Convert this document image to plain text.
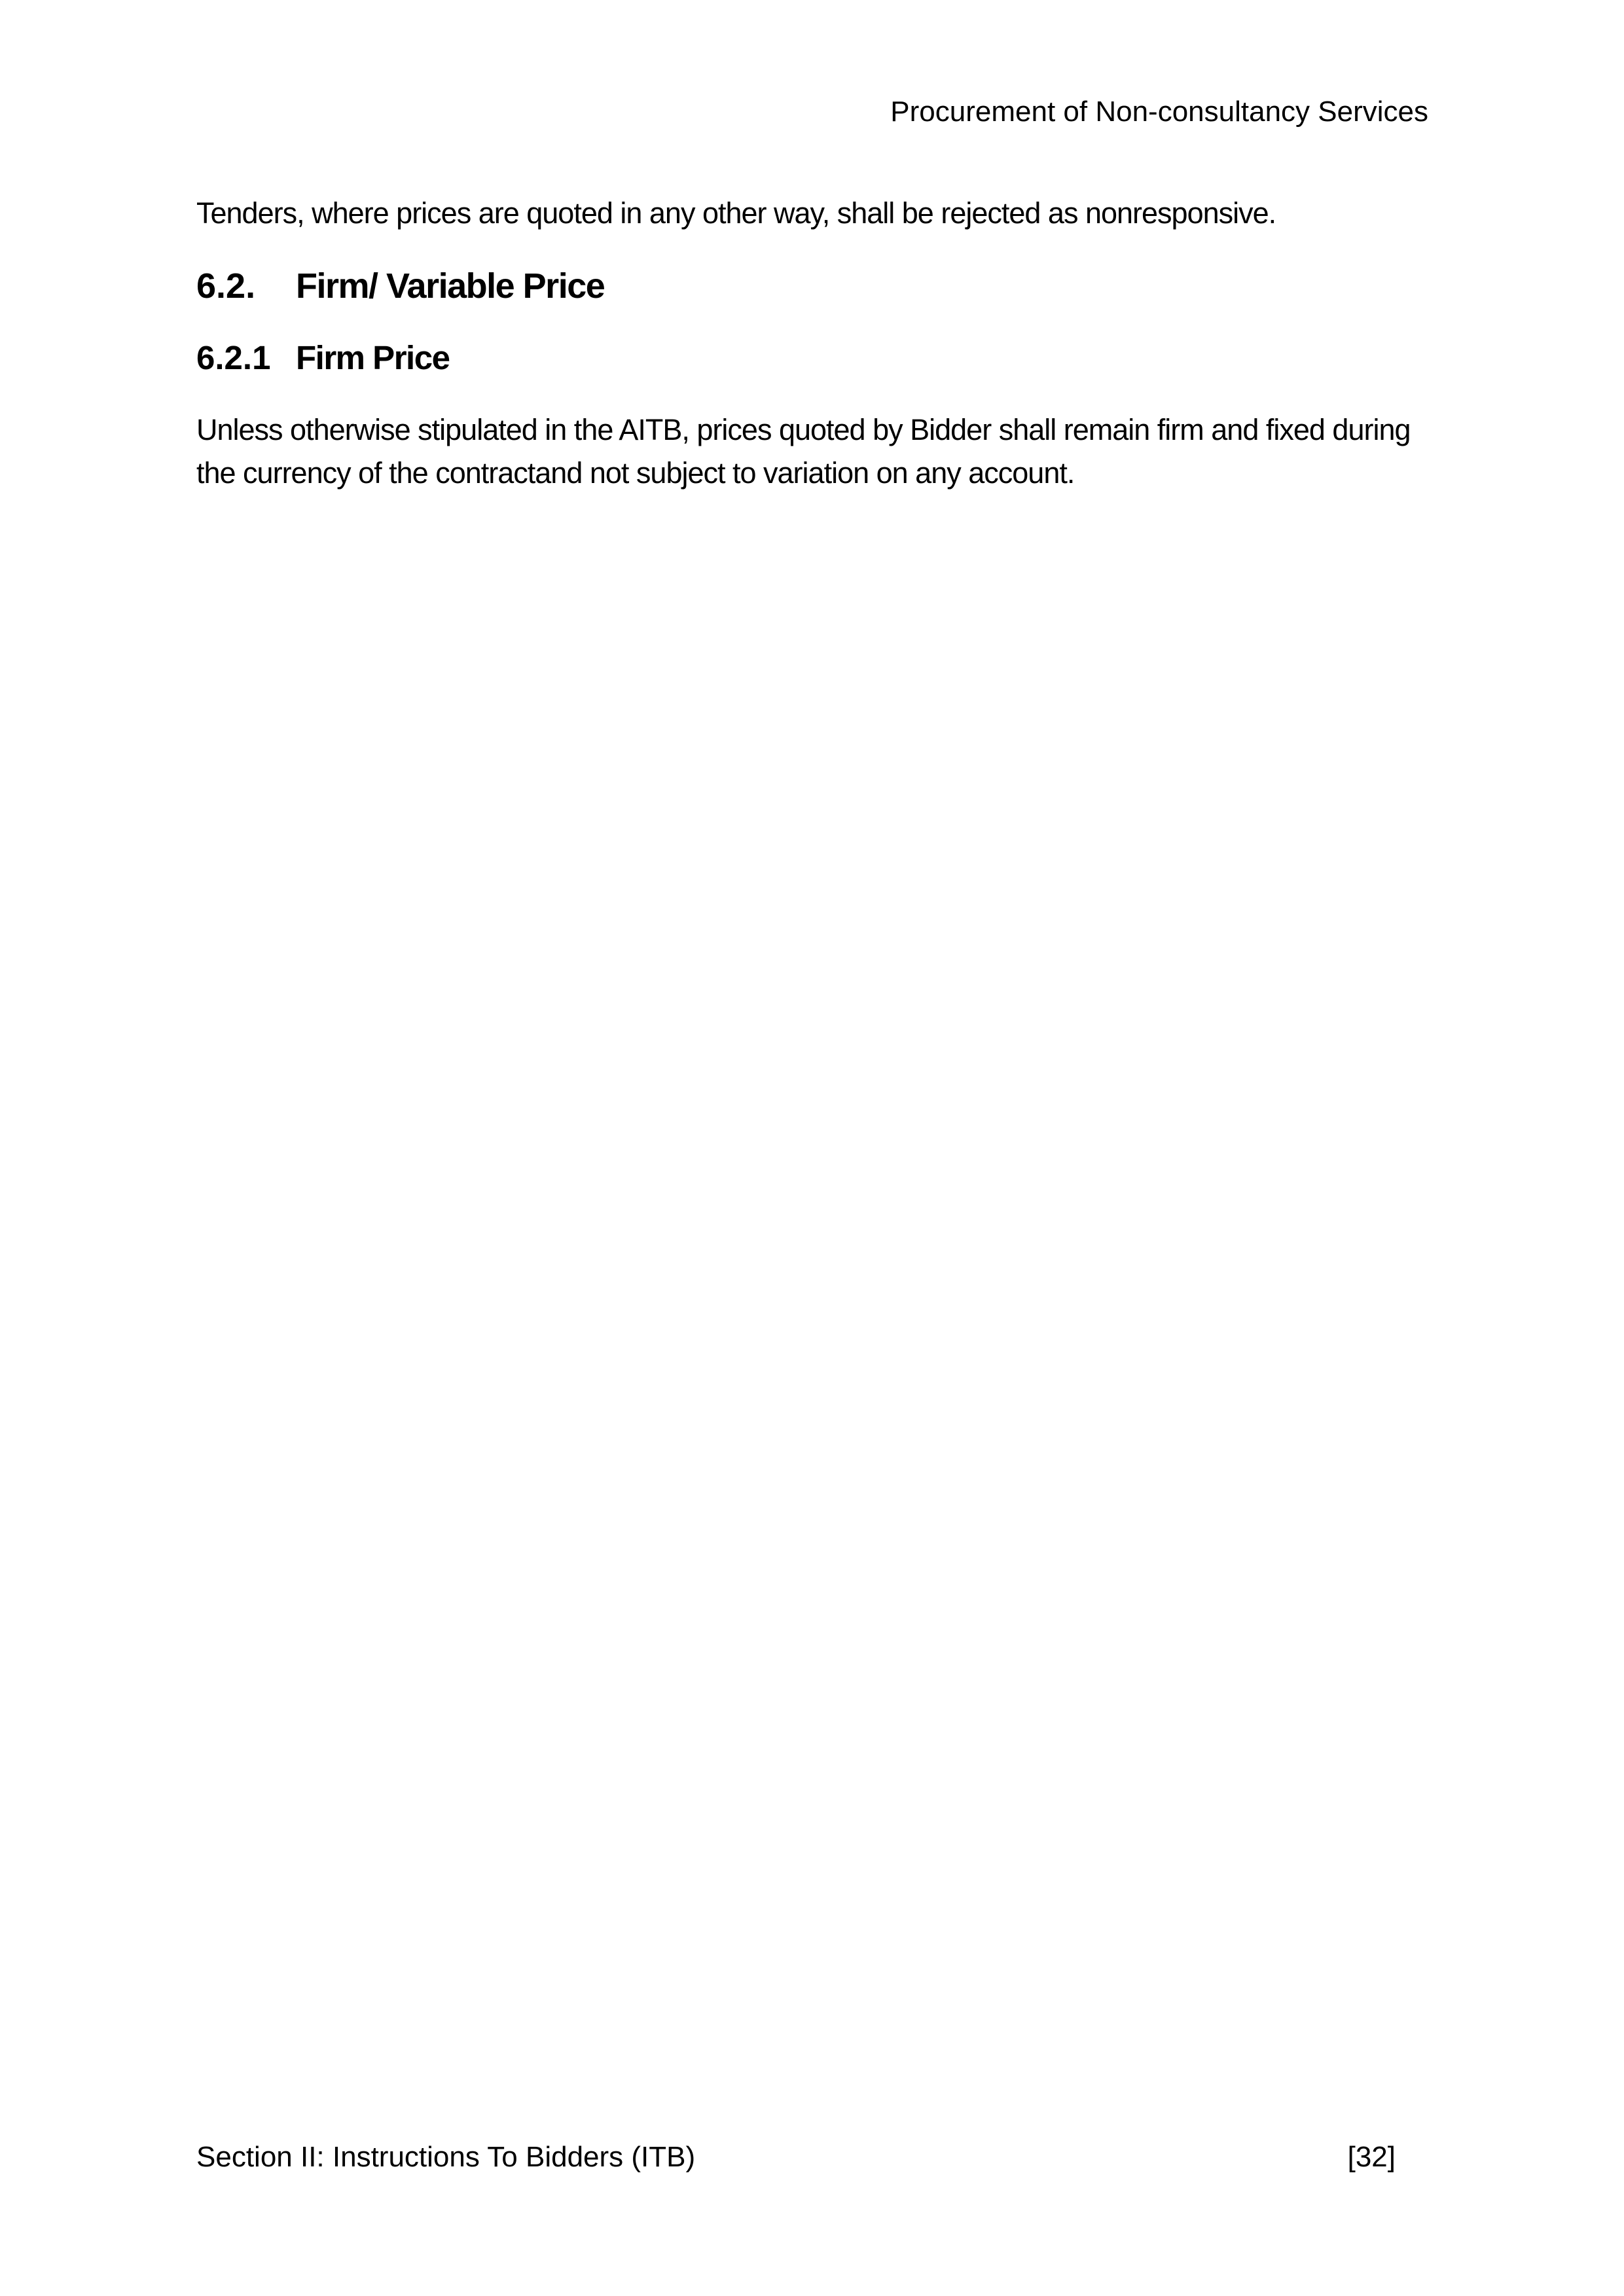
Procurement of Non-consultancy Services
Tenders, where prices are quoted in any other way, shall be rejected as nonresponsive.
6.2.	Firm/ Variable Price
6.2.1 Firm Price
Unless otherwise stipulated in the AITB, prices quoted by Bidder shall remain firm and fixed during
the currency of the contractand not subject to variation on any account.
Section II: Instructions To Bidders (ITB)	[32]
